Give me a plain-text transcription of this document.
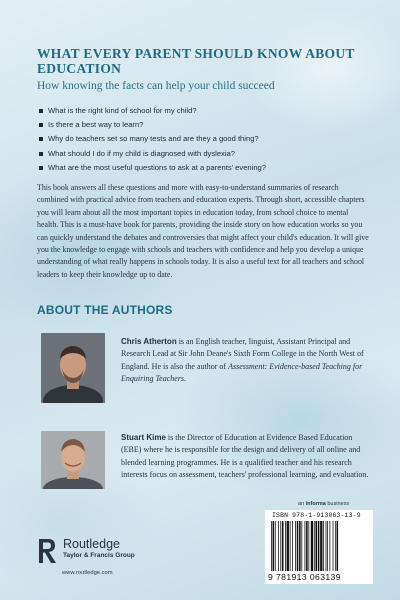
WHAT EVERY PARENT SHOULD KNOW ABOUT EDUCATION

How knowing the facts can help your child succeed

What is the right kind of school for my child?
Is there a best way to learn?
Why do teachers set so many tests and are they a good thing?
What should I do if my child is diagnosed with dyslexia?
What are the most useful questions to ask at a parents' evening?

This book answers all these questions and more with easy-to-understand summaries of research combined with practical advice from teachers and education experts. Through short, accessible chapters you will learn about all the most important topics in education today, from school choice to mental health. This is a must-have book for parents, providing the inside story on how education works so you can quickly understand the debates and controversies that might affect your child's education. It will give you the knowledge to engage with schools and teachers with confidence and help you develop a unique understanding of what really happens in schools today. It is also a useful text for all teachers and school leaders to keep their knowledge up to date.

ABOUT THE AUTHORS

Chris Atherton is an English teacher, linguist, Assistant Principal and Research Lead at Sir John Deane's Sixth Form College in the North West of England. He is also the author of Assessment: Evidence-based Teaching for Enquiring Teachers.

Stuart Kime is the Director of Education at Evidence Based Education (EBE) where he is responsible for the design and delivery of all online and blended learning programmes. He is a qualified teacher and his research interests focus on assessment, teachers' professional learning, and evaluation.

Routledge
Taylor & Francis Group
www.routledge.com
an informa business
ISBN 978-1-913063-13-9
9 781913 063139
